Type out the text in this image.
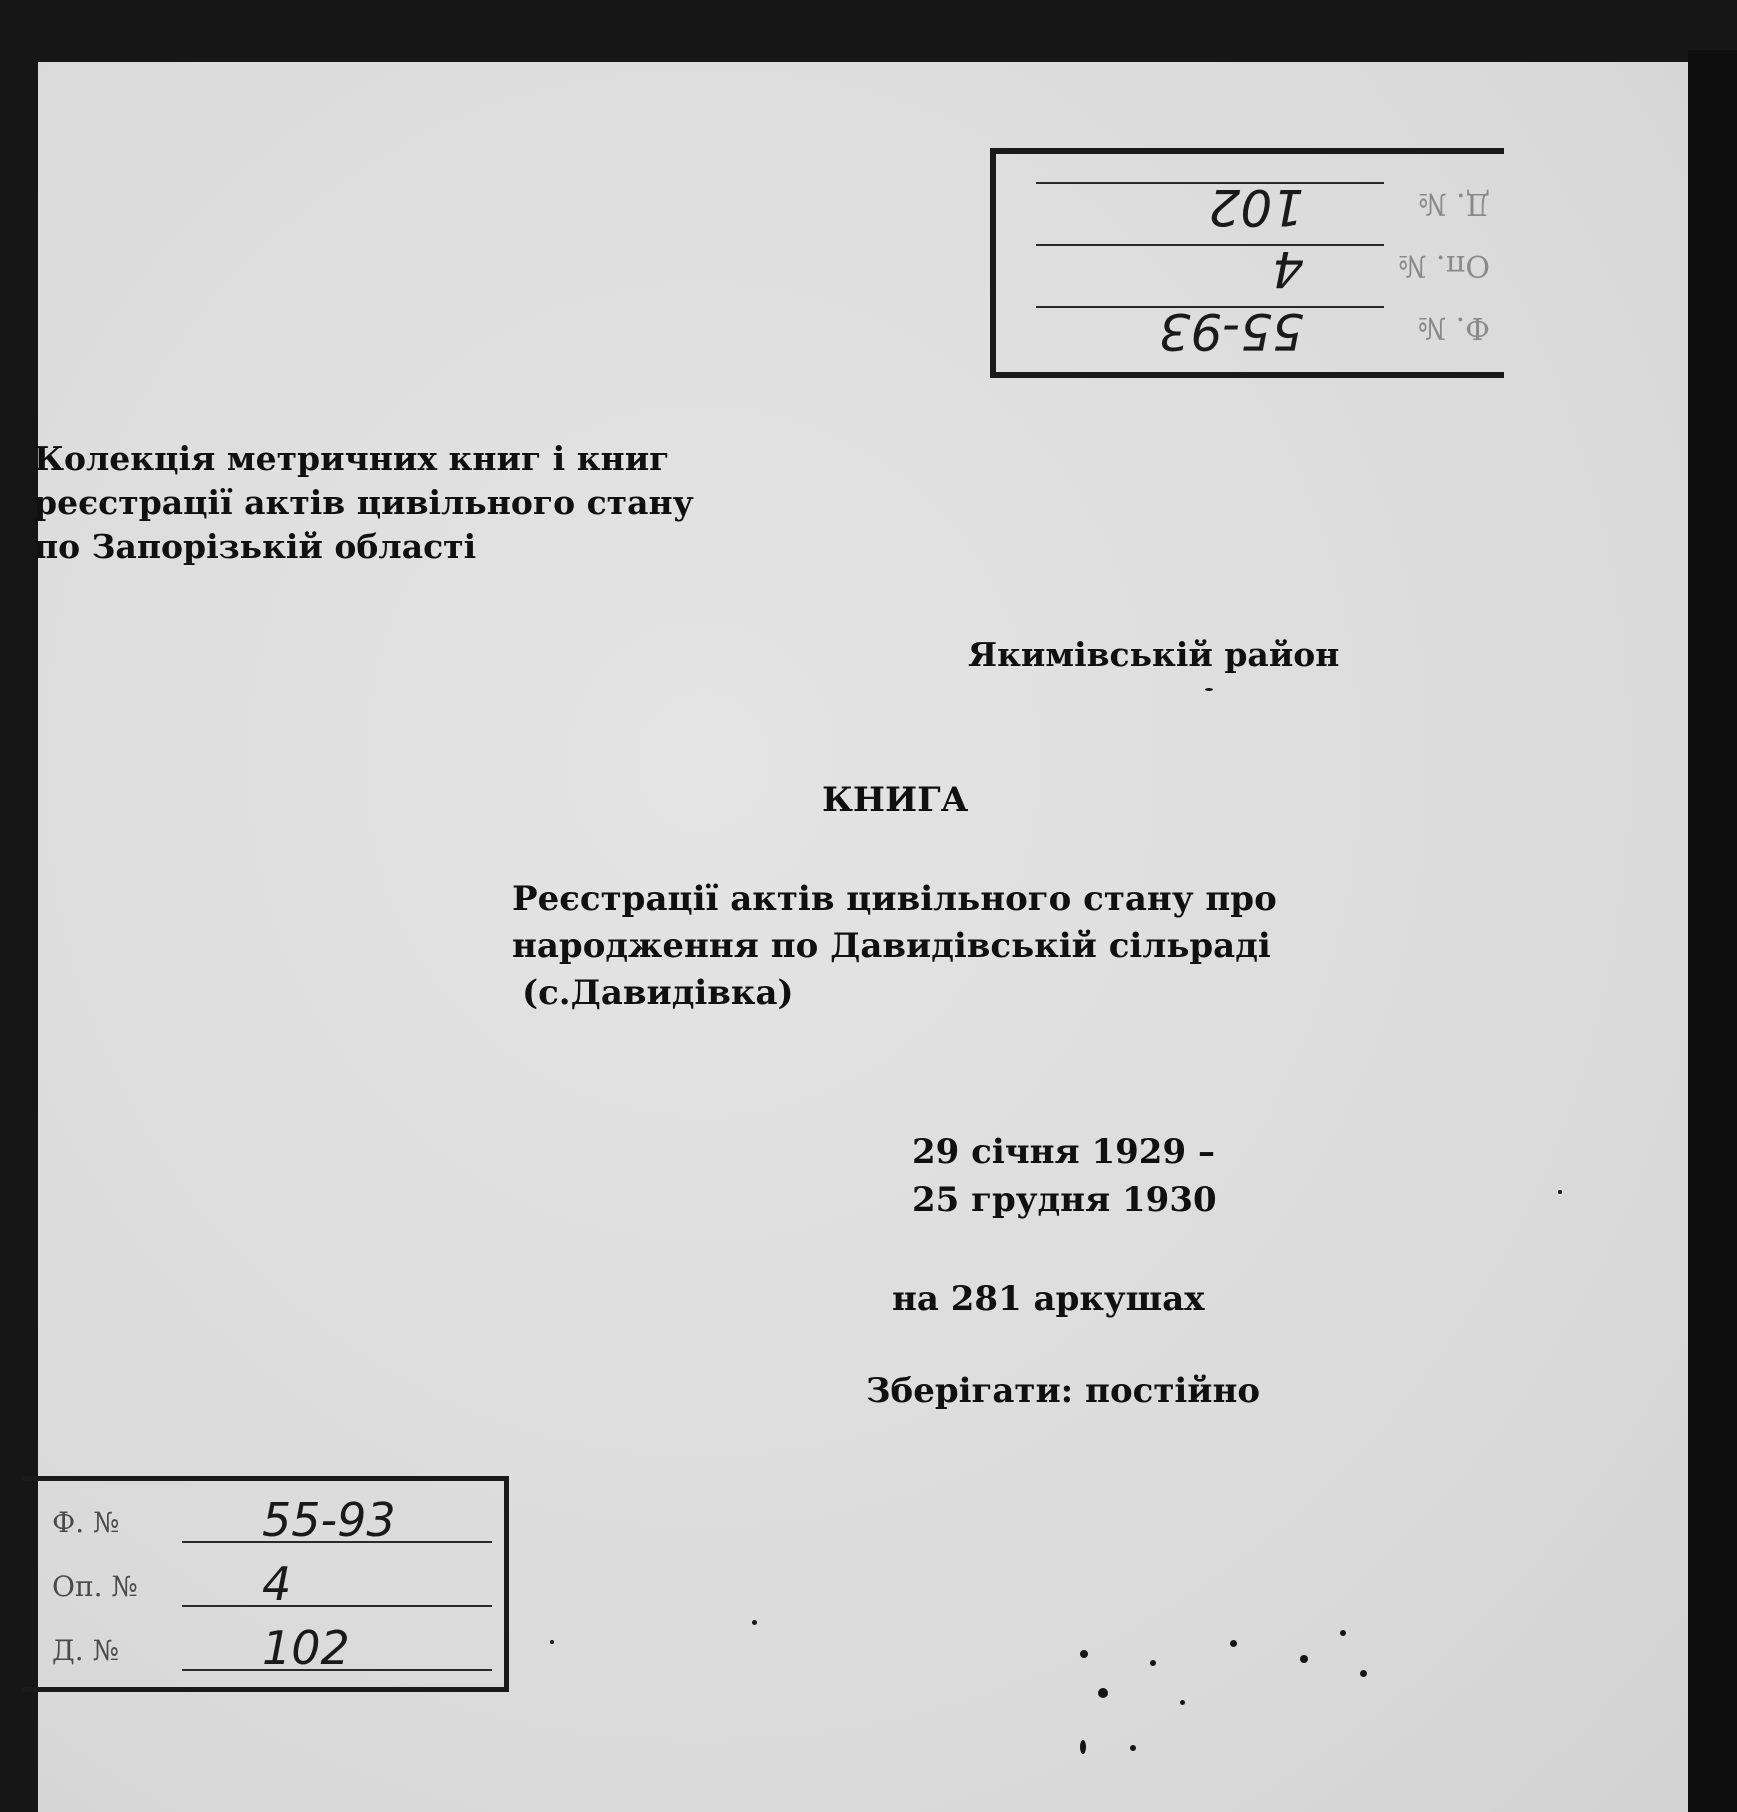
Ф. №
55-93
Оп. №
4
Д. №
102
Колекція метричних книг і книг
реєстрації актів цивільного стану
по Запорізькій області
Якимівській район
КНИГА
Реєстрації актів цивільного стану про
народження по Давидівській сільраді
(с.Давидівка)
29 січня 1929 –
25 грудня 1930
на 281 аркушах
Зберігати: постійно
Ф. №	55-93
Оп. №	4
Д. №	102
